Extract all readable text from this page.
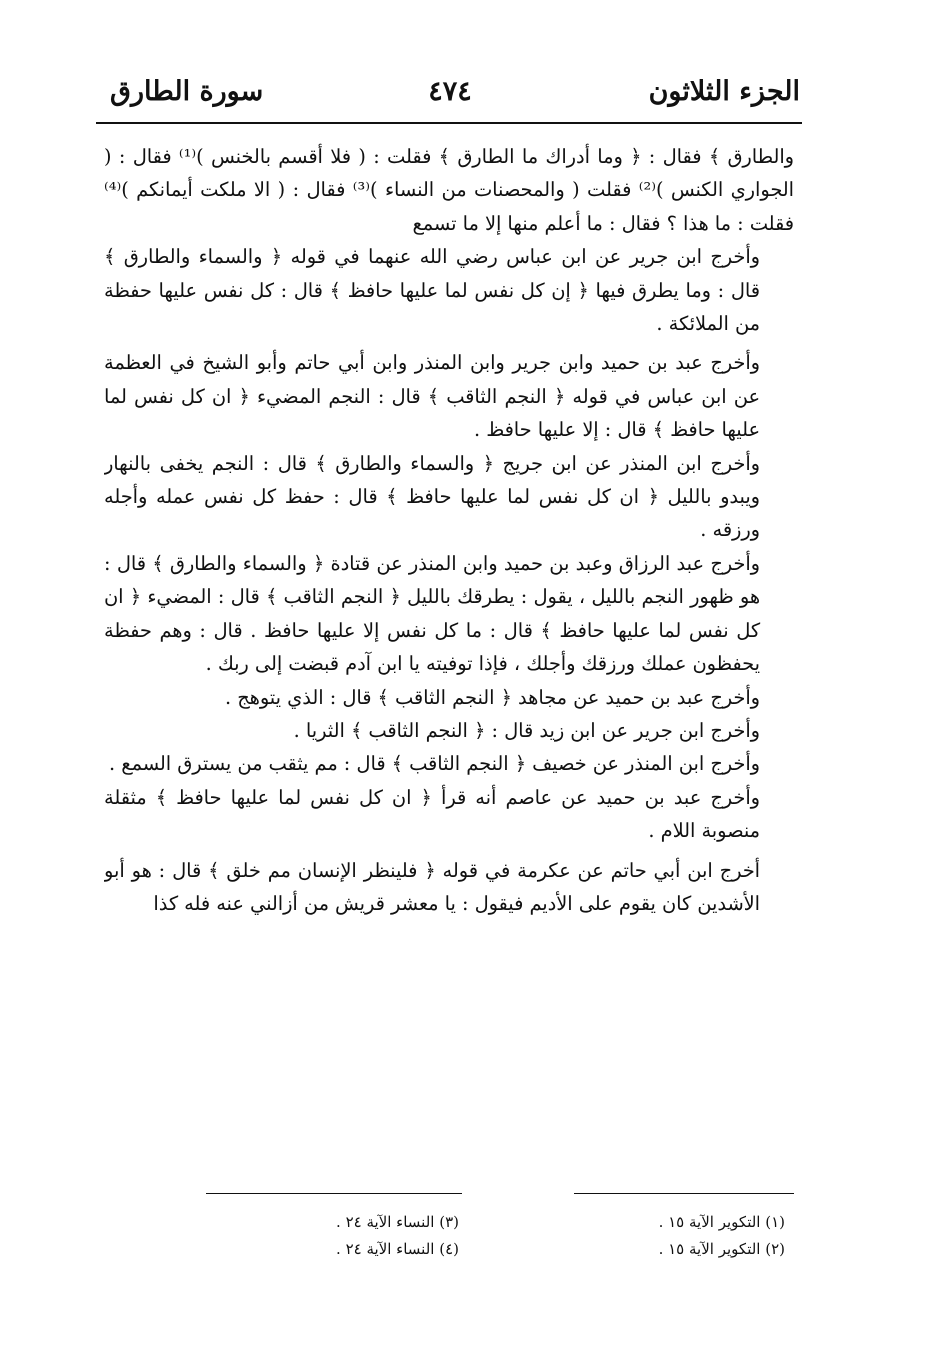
الجزء الثلاثون
٤٧٤
سورة الطارق

والطارق ﴾ فقال : ﴿ وما أدراك ما الطارق ﴾ فقلت : ( فلا أقسم بالخنس )⁽¹⁾ فقال : ( الجواري الكنس )⁽²⁾ فقلت ( والمحصنات من النساء )⁽³⁾ فقال : ( الا ملكت أيمانكم )⁽⁴⁾ فقلت : ما هذا ؟ فقال : ما أعلم منها إلا ما تسمع

وأخرج ابن جرير عن ابن عباس رضي الله عنهما في قوله ﴿ والسماء والطارق ﴾ قال : وما يطرق فيها ﴿ إن كل نفس لما عليها حافظ ﴾ قال : كل نفس عليها حفظة من الملائكة .

وأخرج عبد بن حميد وابن جرير وابن المنذر وابن أبي حاتم وأبو الشيخ في العظمة عن ابن عباس في قوله ﴿ النجم الثاقب ﴾ قال : النجم المضيء ﴿ ان كل نفس لما عليها حافظ ﴾ قال : إلا عليها حافظ .

وأخرج ابن المنذر عن ابن جريج ﴿ والسماء والطارق ﴾ قال : النجم يخفى بالنهار ويبدو بالليل ﴿ ان كل نفس لما عليها حافظ ﴾ قال : حفظ كل نفس عمله وأجله ورزقه .

وأخرج عبد الرزاق وعبد بن حميد وابن المنذر عن قتادة ﴿ والسماء والطارق ﴾ قال : هو ظهور النجم بالليل ، يقول : يطرقك بالليل ﴿ النجم الثاقب ﴾ قال : المضيء ﴿ ان كل نفس لما عليها حافظ ﴾ قال : ما كل نفس إلا عليها حافظ . قال : وهم حفظة يحفظون عملك ورزقك وأجلك ، فإذا توفيته يا ابن آدم قبضت إلى ربك .

وأخرج عبد بن حميد عن مجاهد ﴿ النجم الثاقب ﴾ قال : الذي يتوهج .

وأخرج ابن جرير عن ابن زيد قال : ﴿ النجم الثاقب ﴾ الثريا .

وأخرج ابن المنذر عن خصيف ﴿ النجم الثاقب ﴾ قال : مم يثقب من يسترق السمع .

وأخرج عبد بن حميد عن عاصم أنه قرأ ﴿ ان كل نفس لما عليها حافظ ﴾ مثقلة منصوبة اللام .

أخرج ابن أبي حاتم عن عكرمة في قوله ﴿ فلينظر الإنسان مم خلق ﴾ قال : هو أبو الأشدين كان يقوم على الأديم فيقول : يا معشر قريش من أزالني عنه فله كذا

(١) التكوير الآية ١٥ .
(٢) التكوير الآية ١٥ .
(٣) النساء الآية ٢٤ .
(٤) النساء الآية ٢٤ .
